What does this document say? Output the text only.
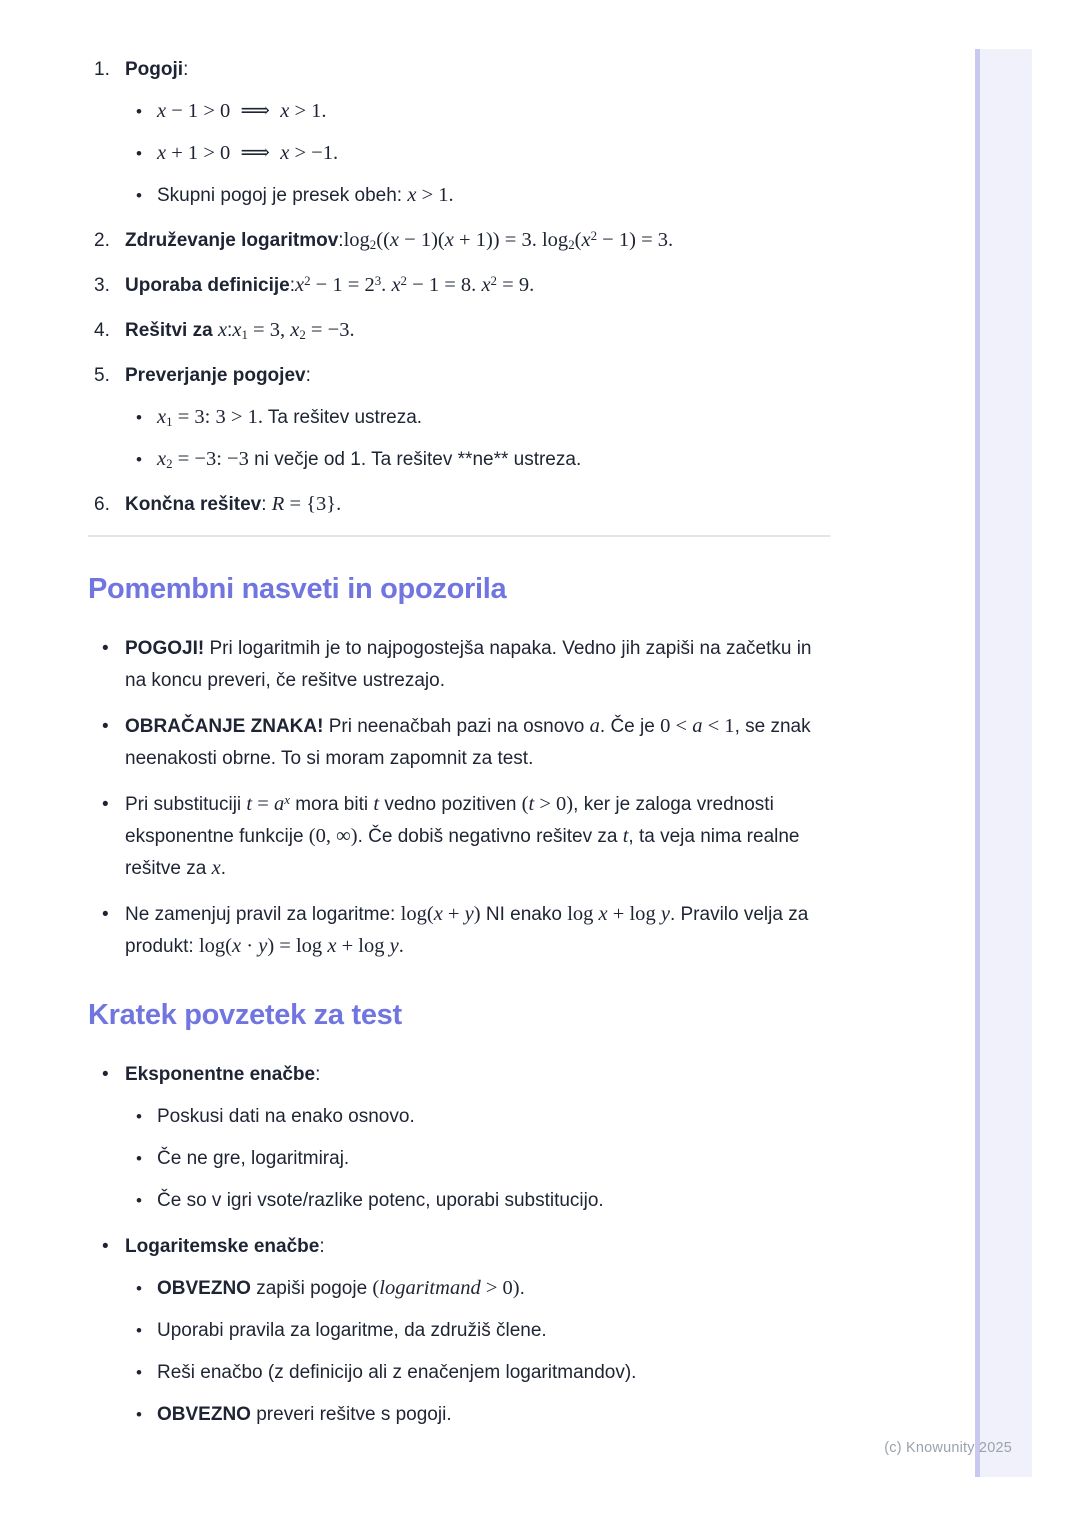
Pogoji:
• x − 1 > 0  ⟹  x > 1.
• x + 1 > 0  ⟹  x > −1.
• Skupni pogoj je presek obeh: x > 1.
Združevanje $logaritmov:\log_2((x - 1)(x + 1)) = 3$. $\log_2(x^2 - 1) = 3$.
Uporaba $definicije:x^2 - 1 = 2^3$. $x^2 - 1 = 8$. $x^2 = 9$.
Rešitvi za $x:x_1 = 3$, $x_2 = -3$.
Preverjanje pogojev:
• $x_1 = 3$: 3 > 1. Ta rešitev ustreza.
• $x_2 = -3$: −3 ni večje od 1. Ta rešitev **ne** ustreza.
Končna rešitev: R = {3}.
Pomembni nasveti in opozorila
• POGOJI! Pri logaritmih je to najpogostejša napaka. Vedno jih zapiši na začetku in na koncu preveri, če rešitve ustrezajo.
• OBRAČANJE ZNAKA! Pri neenačbah pazi na osnovo a. Če je 0 < a < 1, se znak neenakosti obrne. To si moram zapomnit za test.
• Pri substituciji $t = a^x$ mora biti t vedno pozitiven (t > 0), ker je zaloga vrednosti eksponentne funkcije (0, ∞). Če dobiš negativno rešitev za t, ta veja nima realne rešitve za x.
• Ne zamenjuj pravil za logaritme: log(x + y) NI enako log x + log y. Pravilo velja za produkt: log(x · y) = log x + log y.
Kratek povzetek za test
• Eksponentne enačbe:
• Poskusi dati na enako osnovo.
• Če ne gre, logaritmiraj.
• Če so v igri vsote/razlike potenc, uporabi substitucijo.
• Logaritemske enačbe:
• OBVEZNO zapiši pogoje (logaritmand > 0).
• Uporabi pravila za logaritme, da združiš člene.
• Reši enačbo (z definicijo ali z enačenjem logaritmandov).
• OBVEZNO preveri rešitve s pogoji.
(c) Knowunity 2025
